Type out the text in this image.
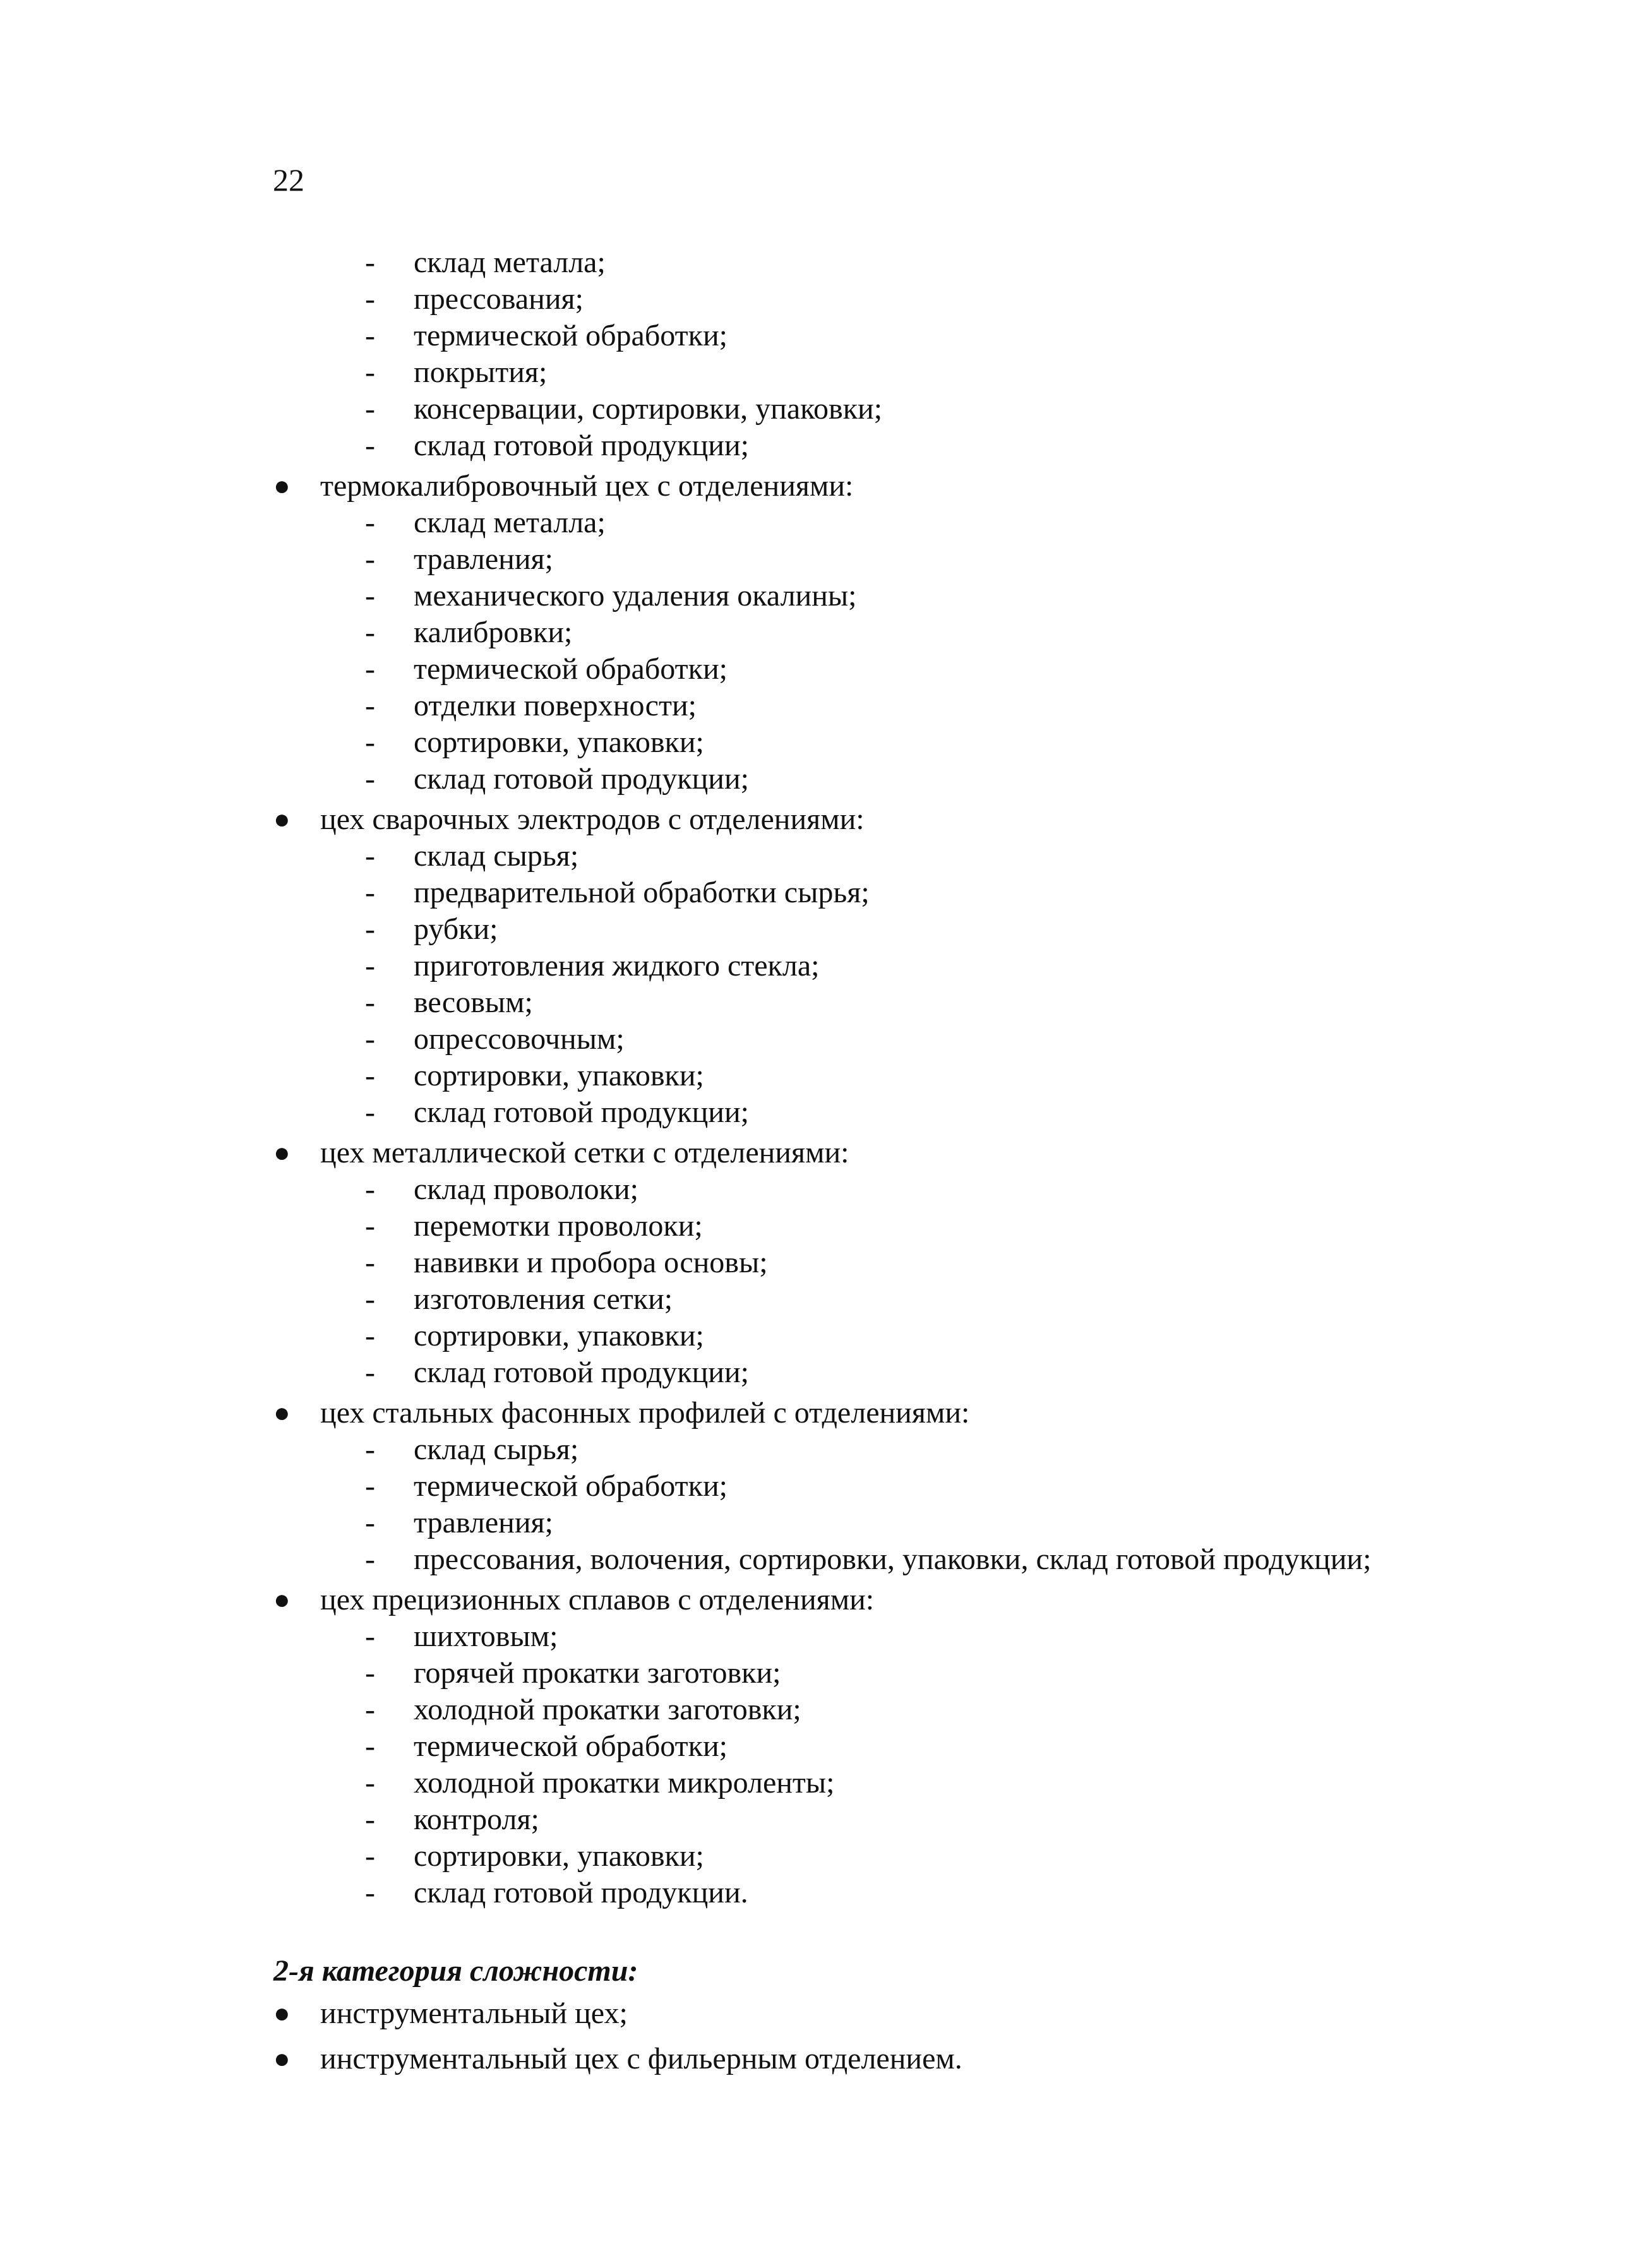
22
- склад металла;
- прессования;
- термической обработки;
- покрытия;
- консервации, сортировки, упаковки;
- склад готовой продукции;
● термокалибровочный цех с отделениями:
- склад металла;
- травления;
- механического удаления окалины;
- калибровки;
- термической обработки;
- отделки поверхности;
- сортировки, упаковки;
- склад готовой продукции;
● цех сварочных электродов с отделениями:
- склад сырья;
- предварительной обработки сырья;
- рубки;
- приготовления жидкого стекла;
- весовым;
- опрессовочным;
- сортировки, упаковки;
- склад готовой продукции;
● цех металлической сетки с отделениями:
- склад проволоки;
- перемотки проволоки;
- навивки и пробора основы;
- изготовления сетки;
- сортировки, упаковки;
- склад готовой продукции;
● цех стальных фасонных профилей с отделениями:
- склад сырья;
- термической обработки;
- травления;
- прессования, волочения, сортировки, упаковки, склад готовой продукции;
● цех прецизионных сплавов с отделениями:
- шихтовым;
- горячей прокатки заготовки;
- холодной прокатки заготовки;
- термической обработки;
- холодной прокатки микроленты;
- контроля;
- сортировки, упаковки;
- склад готовой продукции.
2-я категория сложности:
● инструментальный цех;
● инструментальный цех с фильерным отделением.
